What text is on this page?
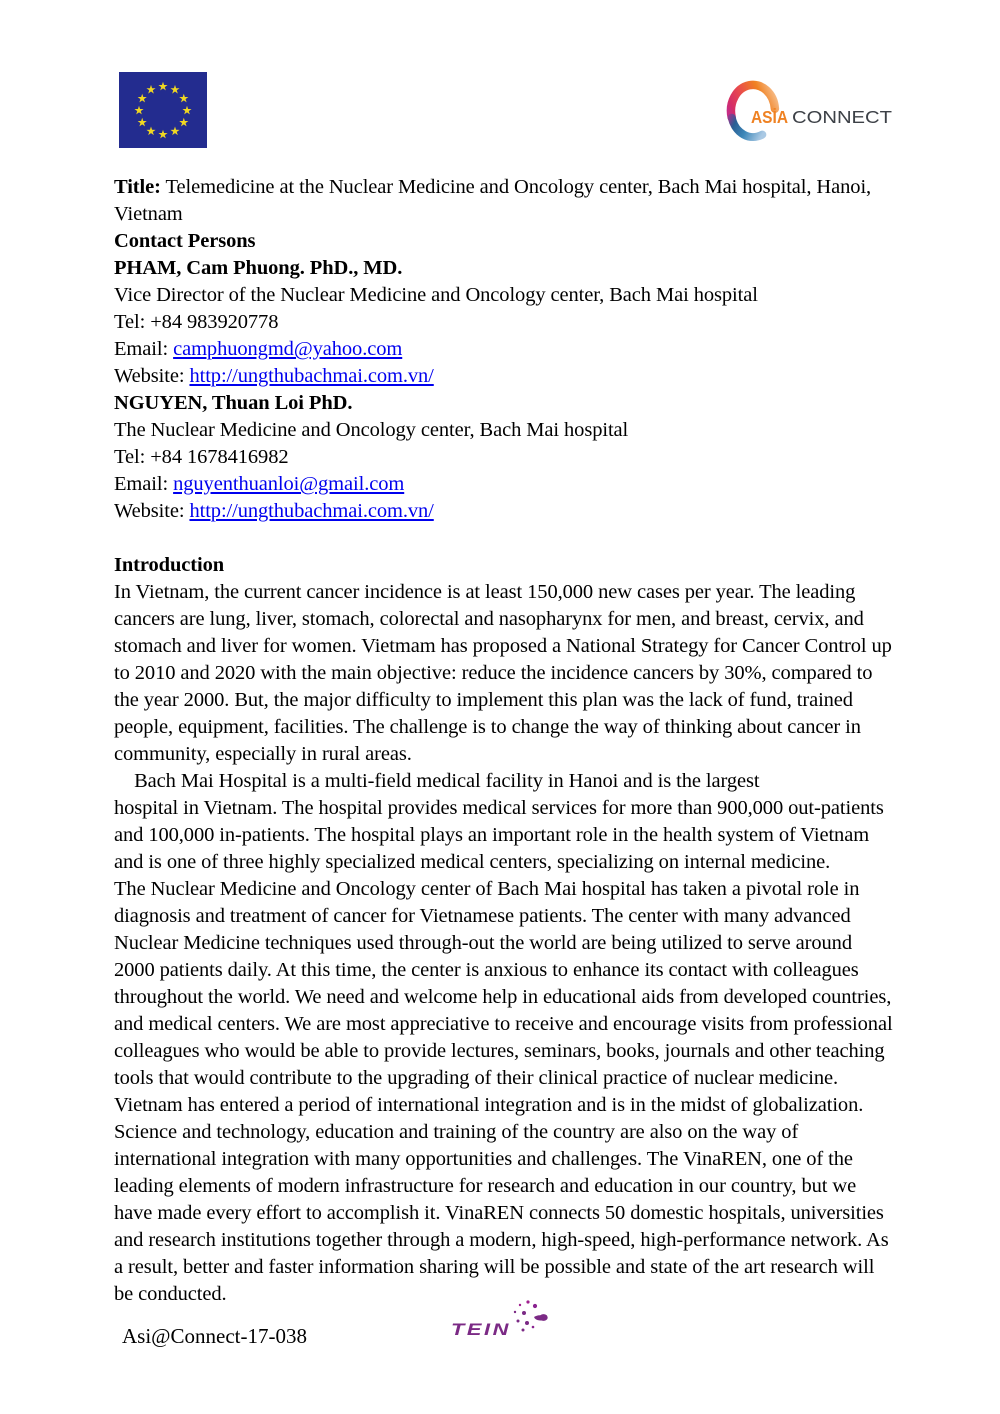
ASİA CONNECT
Title: Telemedicine at the Nuclear Medicine and Oncology center, Bach Mai hospital, Hanoi,
Vietnam
Contact Persons
PHAM, Cam Phuong. PhD., MD.
Vice Director of the Nuclear Medicine and Oncology center, Bach Mai hospital
Tel: +84 983920778
Email: camphuongmd@yahoo.com
Website: http://ungthubachmai.com.vn/
NGUYEN, Thuan Loi PhD.
The Nuclear Medicine and Oncology center, Bach Mai hospital
Tel: +84 1678416982
Email: nguyenthuanloi@gmail.com
Website: http://ungthubachmai.com.vn/
Introduction
In Vietnam, the current cancer incidence is at least 150,000 new cases per year. The leading
cancers are lung, liver, stomach, colorectal and nasopharynx for men, and breast, cervix, and
stomach and liver for women. Vietmam has proposed a National Strategy for Cancer Control up
to 2010 and 2020 with the main objective: reduce the incidence cancers by 30%, compared to
the year 2000. But, the major difficulty to implement this plan was the lack of fund, trained
people, equipment, facilities. The challenge is to change the way of thinking about cancer in
community, especially in rural areas.
Bach Mai Hospital is a multi-field medical facility in Hanoi and is the largest
hospital in Vietnam. The hospital provides medical services for more than 900,000 out-patients
and 100,000 in-patients. The hospital plays an important role in the health system of Vietnam
and is one of three highly specialized medical centers, specializing on internal medicine.
The Nuclear Medicine and Oncology center of Bach Mai hospital has taken a pivotal role in
diagnosis and treatment of cancer for Vietnamese patients. The center with many advanced
Nuclear Medicine techniques used through-out the world are being utilized to serve around
2000 patients daily. At this time, the center is anxious to enhance its contact with colleagues
throughout the world. We need and welcome help in educational aids from developed countries,
and medical centers. We are most appreciative to receive and encourage visits from professional
colleagues who would be able to provide lectures, seminars, books, journals and other teaching
tools that would contribute to the upgrading of their clinical practice of nuclear medicine.
Vietnam has entered a period of international integration and is in the midst of globalization.
Science and technology, education and training of the country are also on the way of
international integration with many opportunities and challenges. The VinaREN, one of the
leading elements of modern infrastructure for research and education in our country, but we
have made every effort to accomplish it. VinaREN connects 50 domestic hospitals, universities
and research institutions together through a modern, high-speed, high-performance network. As
a result, better and faster information sharing will be possible and state of the art research will
be conducted.
Asi@Connect-17-038	TEIN
